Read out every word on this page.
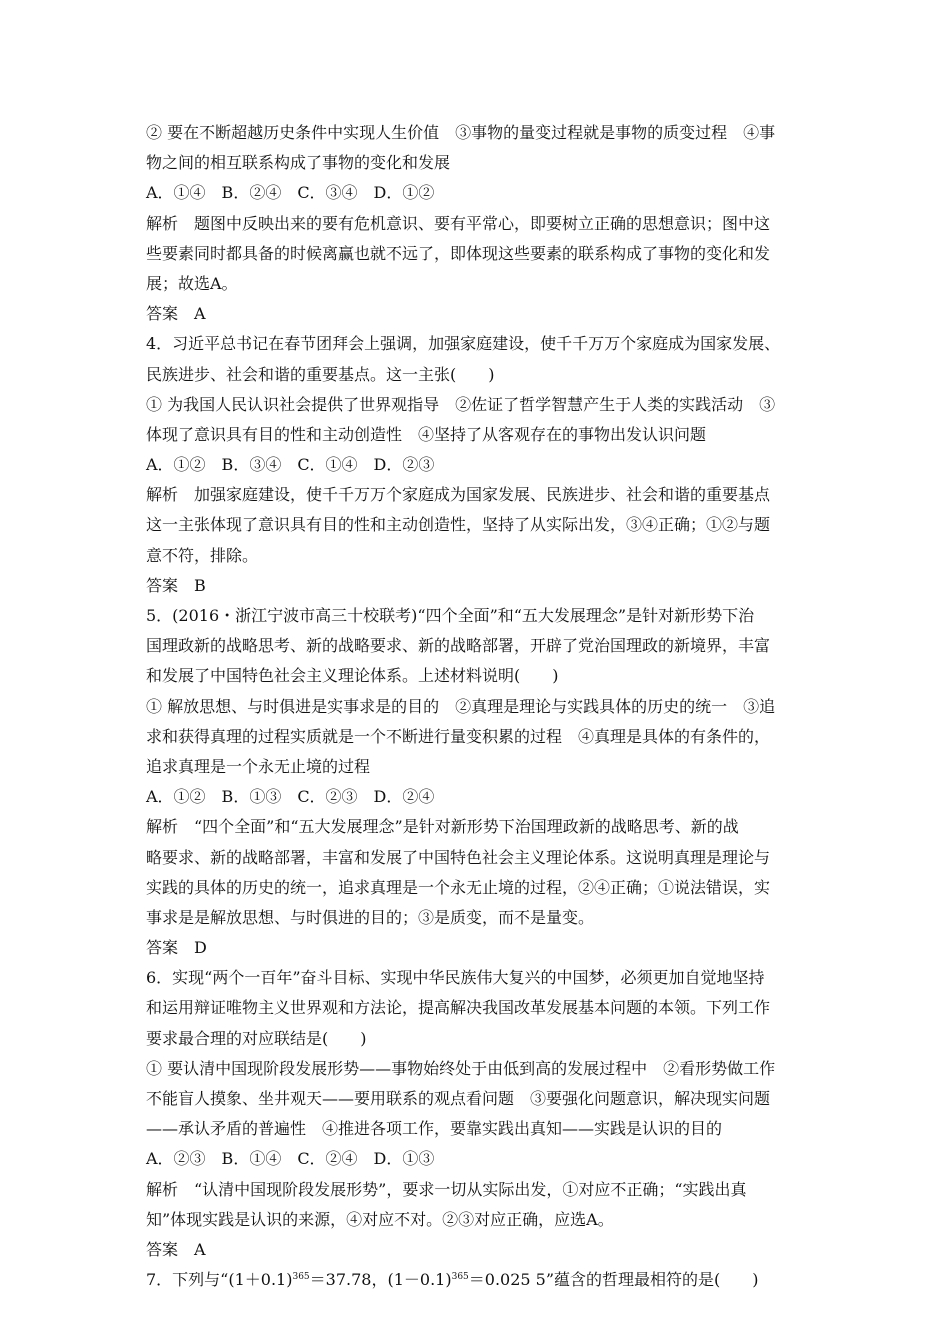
② 要在不断超越历史条件中实现人生价值　③事物的量变过程就是事物的质变过程　④事
物之间的相互联系构成了事物的变化和发展
A．①④　B．②④　C．③④　D．①②
解析　题图中反映出来的要有危机意识、要有平常心，即要树立正确的思想意识；图中这
些要素同时都具备的时候离赢也就不远了，即体现这些要素的联系构成了事物的变化和发
展；故选A。
答案　A
4．习近平总书记在春节团拜会上强调，加强家庭建设，使千千万万个家庭成为国家发展、
民族进步、社会和谐的重要基点。这一主张(　　)
① 为我国人民认识社会提供了世界观指导　②佐证了哲学智慧产生于人类的实践活动　③
体现了意识具有目的性和主动创造性　④坚持了从客观存在的事物出发认识问题
A．①②　B．③④　C．①④　D．②③
解析　加强家庭建设，使千千万万个家庭成为国家发展、民族进步、社会和谐的重要基点
这一主张体现了意识具有目的性和主动创造性，坚持了从实际出发，③④正确；①②与题
意不符，排除。
答案　B
5．(2016・浙江宁波市高三十校联考)“四个全面”和“五大发展理念”是针对新形势下治
国理政新的战略思考、新的战略要求、新的战略部署，开辟了党治国理政的新境界，丰富
和发展了中国特色社会主义理论体系。上述材料说明(　　)
① 解放思想、与时俱进是实事求是的目的　②真理是理论与实践具体的历史的统一　③追
求和获得真理的过程实质就是一个不断进行量变积累的过程　④真理是具体的有条件的，
追求真理是一个永无止境的过程
A．①②　B．①③　C．②③　D．②④
解析　“四个全面”和“五大发展理念”是针对新形势下治国理政新的战略思考、新的战
略要求、新的战略部署，丰富和发展了中国特色社会主义理论体系。这说明真理是理论与
实践的具体的历史的统一，追求真理是一个永无止境的过程，②④正确；①说法错误，实
事求是是解放思想、与时俱进的目的；③是质变，而不是量变。
答案　D
6．实现“两个一百年”奋斗目标、实现中华民族伟大复兴的中国梦，必须更加自觉地坚持
和运用辩证唯物主义世界观和方法论，提高解决我国改革发展基本问题的本领。下列工作
要求最合理的对应联结是(　　)
① 要认清中国现阶段发展形势——事物始终处于由低到高的发展过程中　②看形势做工作
不能盲人摸象、坐井观天——要用联系的观点看问题　③要强化问题意识，解决现实问题
——承认矛盾的普遍性　④推进各项工作，要靠实践出真知——实践是认识的目的
A．②③　B．①④　C．②④　D．①③
解析　“认清中国现阶段发展形势”，要求一切从实际出发，①对应不正确；“实践出真
知”体现实践是认识的来源，④对应不对。②③对应正确，应选A。
答案　A
7．下列与“$(1+0.1)^{365}=37.78$，$(1-0.1)^{365}=0.025$ 5”蕴含的哲理最相符的是(　　)
